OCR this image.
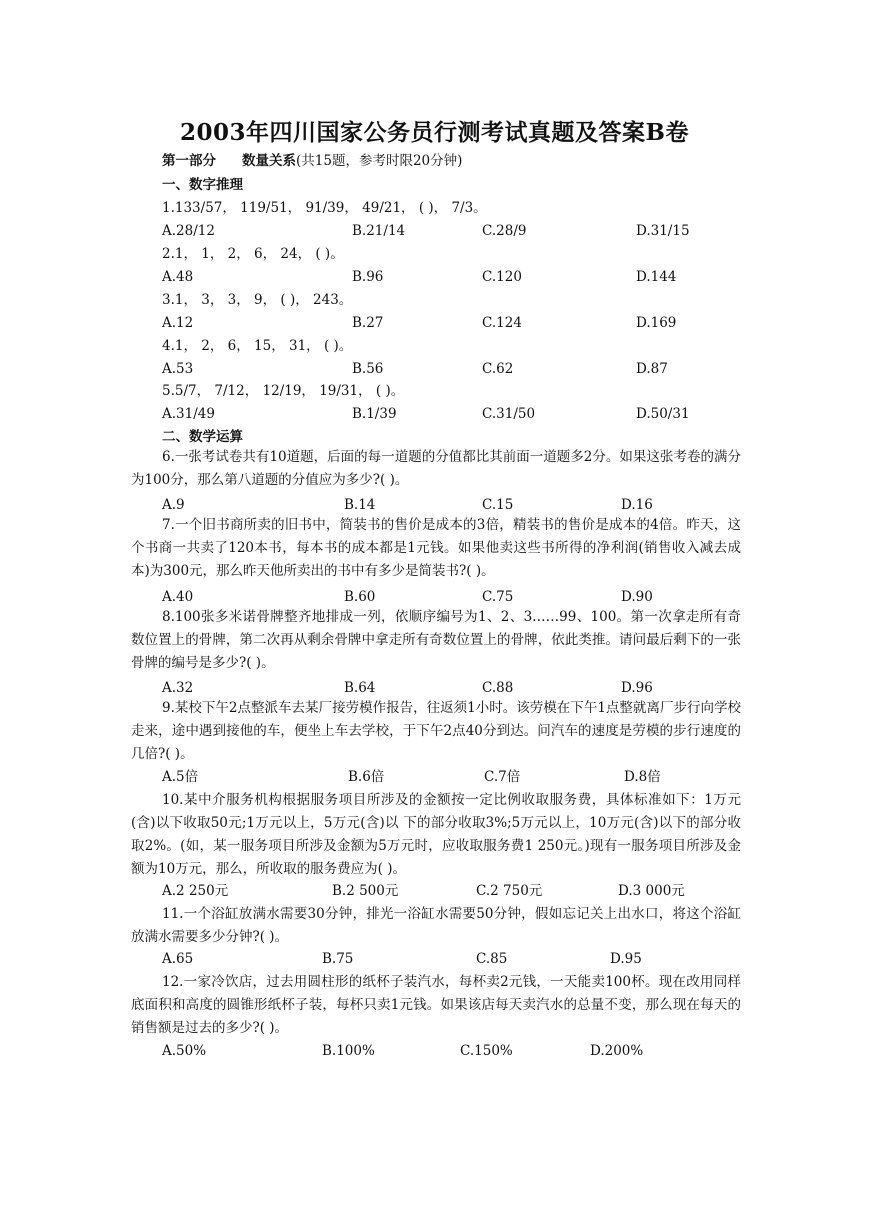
2003年四川国家公务员行测考试真题及答案B卷
第一部分 数量关系(共15题，参考时限20分钟)
一、数字推理
1.133/57， 119/51， 91/39， 49/21， ( )， 7/3。
A.28/12	B.21/14	C.28/9	D.31/15
2.1， 1， 2， 6， 24， ( )。
A.48	B.96	C.120	D.144
3.1， 3， 3， 9， ( )， 243。
A.12	B.27	C.124	D.169
4.1， 2， 6， 15， 31， ( )。
A.53	B.56	C.62	D.87
5.5/7， 7/12， 12/19， 19/31， ( )。
A.31/49	B.1/39	C.31/50	D.50/31
二、数学运算
6.一张考试卷共有10道题，后面的每一道题的分值都比其前面一道题多2分。如果这张考卷的满分为100分，那么第八道题的分值应为多少?( )。
A.9	B.14	C.15	D.16
7.一个旧书商所卖的旧书中，简装书的售价是成本的3倍，精装书的售价是成本的4倍。昨天，这个书商一共卖了120本书，每本书的成本都是1元钱。如果他卖这些书所得的净利润(销售收入减去成本)为300元，那么昨天他所卖出的书中有多少是简装书?( )。
A.40	B.60	C.75	D.90
8.100张多米诺骨牌整齐地排成一列，依顺序编号为1、2、3……99、100。第一次拿走所有奇数位置上的骨牌，第二次再从剩余骨牌中拿走所有奇数位置上的骨牌，依此类推。请问最后剩下的一张骨牌的编号是多少?( )。
A.32	B.64	C.88	D.96
9.某校下午2点整派车去某厂接劳模作报告，往返须1小时。该劳模在下午1点整就离厂步行向学校走来，途中遇到接他的车，便坐上车去学校，于下午2点40分到达。问汽车的速度是劳模的步行速度的几倍?( )。
A.5倍	B.6倍	C.7倍	D.8倍
10.某中介服务机构根据服务项目所涉及的金额按一定比例收取服务费，具体标准如下：1万元(含)以下收取50元;1万元以上，5万元(含)以 下的部分收取3%;5万元以上，10万元(含)以下的部分收取2%。(如，某一服务项目所涉及金额为5万元时，应收取服务费1 250元。)现有一服务项目所涉及金额为10万元，那么，所收取的服务费应为( )。
A.2 250元	B.2 500元	C.2 750元	D.3 000元
11.一个浴缸放满水需要30分钟，排光一浴缸水需要50分钟，假如忘记关上出水口，将这个浴缸放满水需要多少分钟?( )。
A.65	B.75	C.85	D.95
12.一家冷饮店，过去用圆柱形的纸杯子装汽水，每杯卖2元钱，一天能卖100杯。现在改用同样底面积和高度的圆锥形纸杯子装，每杯只卖1元钱。如果该店每天卖汽水的总量不变，那么现在每天的销售额是过去的多少?( )。
A.50%	B.100%	C.150%	D.200%
